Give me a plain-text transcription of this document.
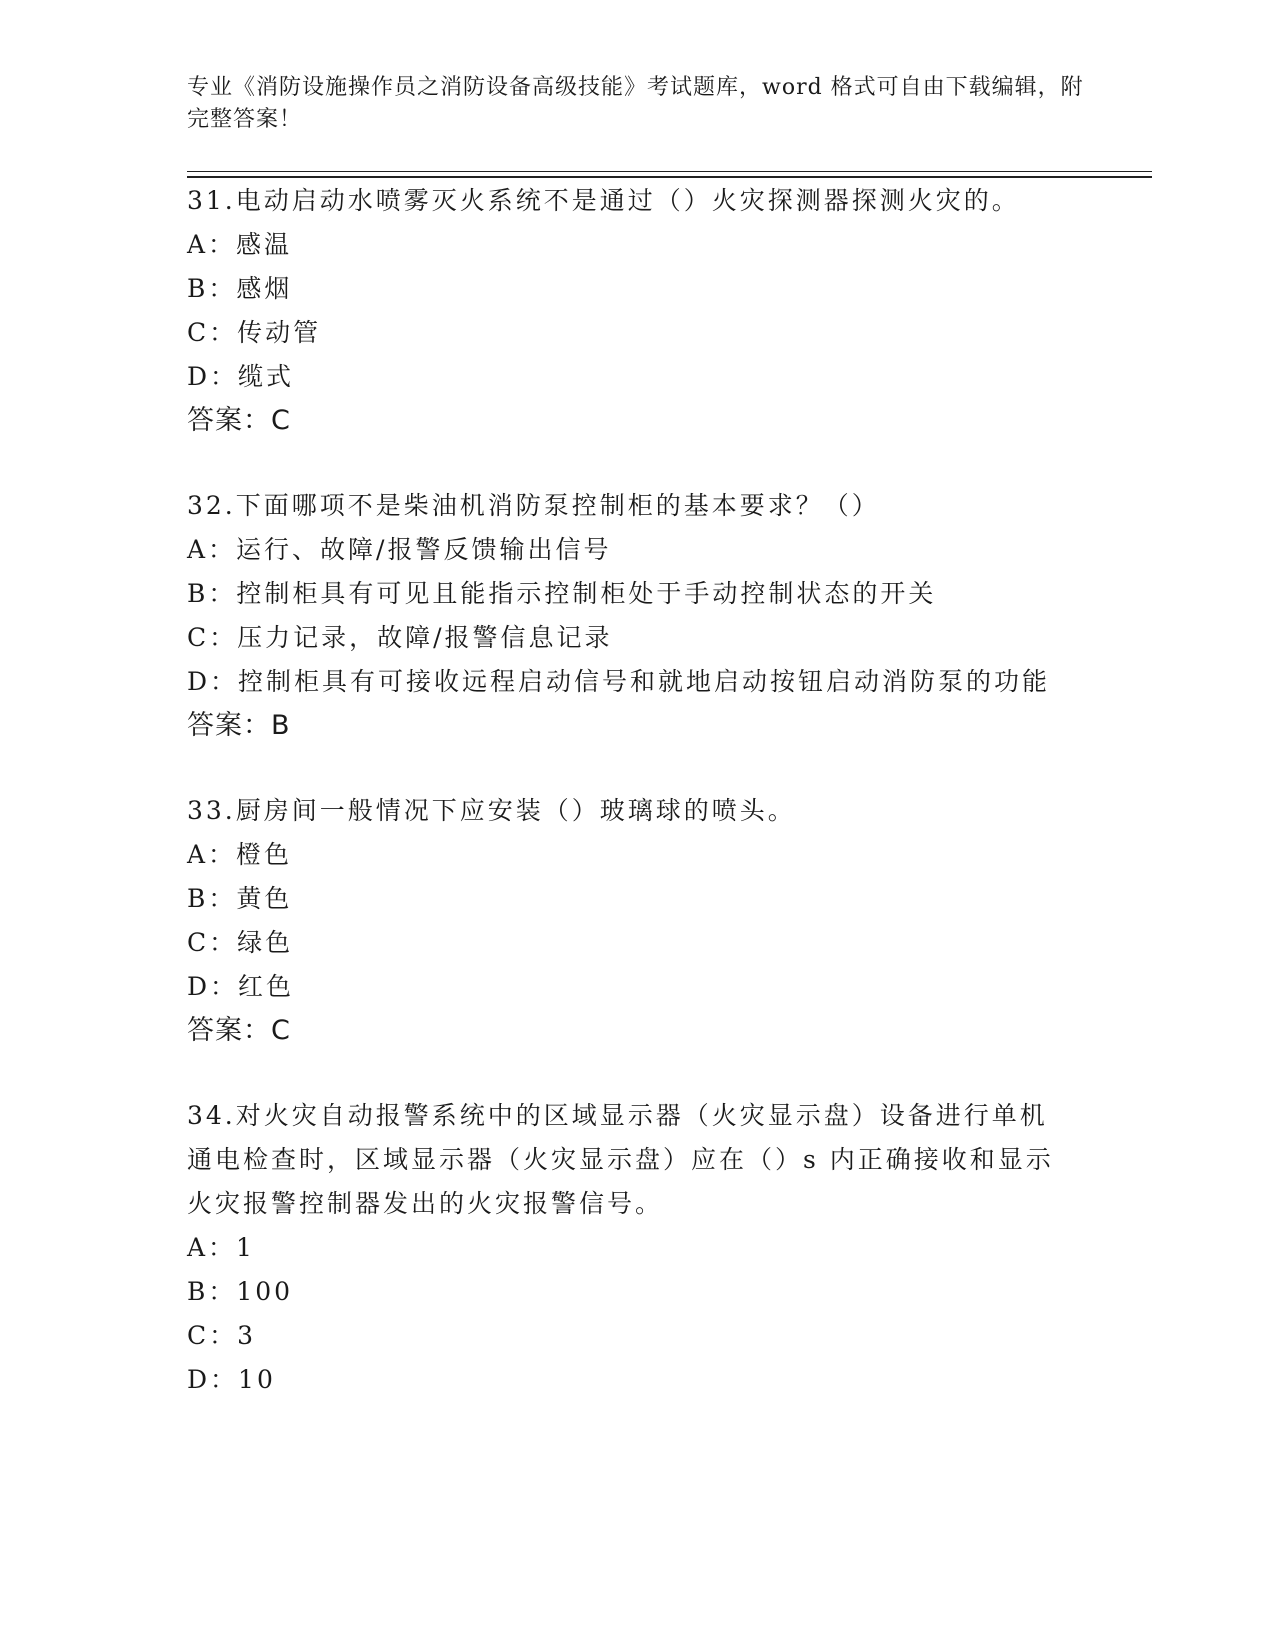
专业《消防设施操作员之消防设备高级技能》考试题库，word 格式可自由下载编辑，附完整答案！
31.电动启动水喷雾灭火系统不是通过（）火灾探测器探测火灾的。
A：感温
B：感烟
C：传动管
D：缆式
答案：C
32.下面哪项不是柴油机消防泵控制柜的基本要求？（）
A：运行、故障/报警反馈输出信号
B：控制柜具有可见且能指示控制柜处于手动控制状态的开关
C：压力记录，故障/报警信息记录
D：控制柜具有可接收远程启动信号和就地启动按钮启动消防泵的功能
答案：B
33.厨房间一般情况下应安装（）玻璃球的喷头。
A：橙色
B：黄色
C：绿色
D：红色
答案：C
34.对火灾自动报警系统中的区域显示器（火灾显示盘）设备进行单机
通电检查时，区域显示器（火灾显示盘）应在（）s 内正确接收和显示
火灾报警控制器发出的火灾报警信号。
A：1
B：100
C：3
D：10
